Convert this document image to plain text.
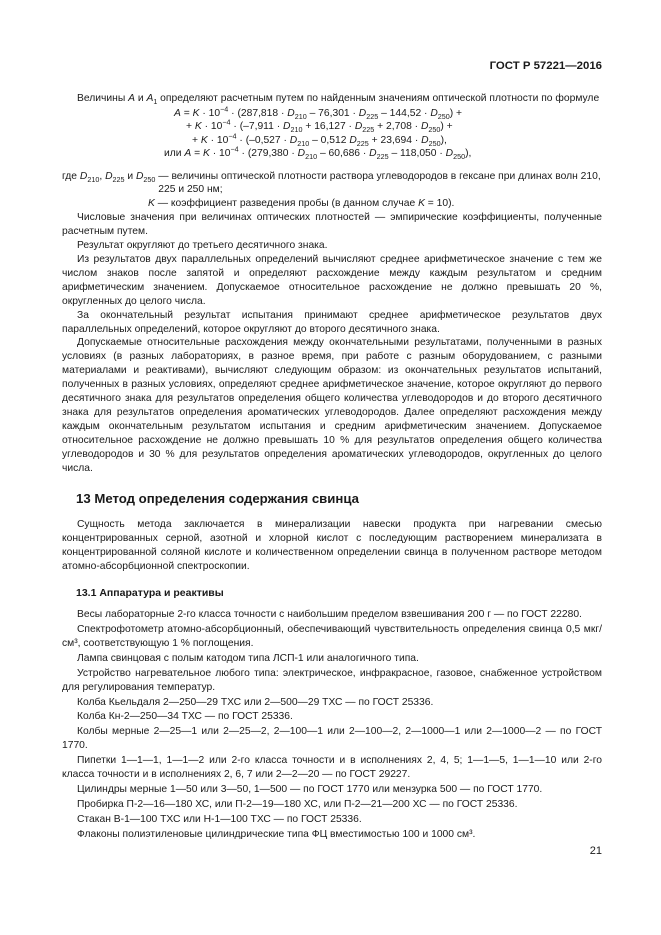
ГОСТ Р 57221—2016

Величины A и $A_1$ определяют расчетным путем по найденным значениям оптической плотности по формуле

$A = K \cdot 10^{-4} \cdot (287,818 \cdot D_{210} - 76,301 \cdot D_{225} - 144,52 \cdot D_{250})$ +
+ $K \cdot 10^{-4} \cdot (-7,911 \cdot D_{210} + 16,127 \cdot D_{225} + 2,708 \cdot D_{250})$ +
+ $K \cdot 10^{-4} \cdot (-0,527 \cdot D_{210} - 0,512$ $D_{225} + 23,694 \cdot D_{250}$),
или $A = K \cdot 10^{-4} \cdot (279,380 \cdot D_{210} - 60,686 \cdot D_{225} - 118,050 \cdot D_{250})$,
где $D_{210}$, $D_{225}$ и $D_{250}$
— величины оптической плотности раствора углеводородов в гексане при длинах волн 210, 225 и 250 нм;
K — коэффициент разведения пробы (в данном случае K = 10).

Числовые значения при величинах оптических плотностей — эмпирические коэффициенты, полученные расчетным путем.

Результат округляют до третьего десятичного знака.

Из результатов двух параллельных определений вычисляют среднее арифметическое значение с тем же числом знаков после запятой и определяют расхождение между каждым результатом и средним арифметическим значением. Допускаемое относительное расхождение не должно превышать 20 %, округленных до целого числа.

За окончательный результат испытания принимают среднее арифметическое результатов двух параллельных определений, которое округляют до второго десятичного знака.

Допускаемые относительные расхождения между окончательными результатами, полученными в разных условиях (в разных лабораториях, в разное время, при работе с разным оборудованием, с разными материалами и реактивами), вычисляют следующим образом: из окончательных результатов испытаний, полученных в разных условиях, определяют среднее арифметическое значение, которое округляют до первого десятичного знака для результатов определения общего количества углеводородов и до второго десятичного знака для результатов определения ароматических углеводородов. Далее определяют расхождения между каждым окончательным результатом испытания и средним арифметическим значением. Допускаемое относительное расхождение не должно превышать 10 % для результатов определения общего количества углеводородов и 30 % для результатов определения ароматических углеводородов, округленных до целого числа.

13 Метод определения содержания свинца

Сущность метода заключается в минерализации навески продукта при нагревании смесью концентрированных серной, азотной и хлорной кислот с последующим растворением минерализата в концентрированной соляной кислоте и количественном определении свинца в полученном растворе методом атомно-абсорбционной спектроскопии.

13.1 Аппаратура и реактивы

Весы лабораторные 2-го класса точности с наибольшим пределом взвешивания 200 г — по ГОСТ 22280.

Спектрофотометр атомно-абсорбционный, обеспечивающий чувствительность определения свинца 0,5 мкг/см³, соответствующую 1 % поглощения.

Лампа свинцовая с полым катодом типа ЛСП-1 или аналогичного типа.

Устройство нагревательное любого типа: электрическое, инфракрасное, газовое, снабженное устройством для регулирования температур.

Колба Кьельдаля 2—250—29 ТХС или 2—500—29 ТХС — по ГОСТ 25336.

Колба Кн-2—250—34 ТХС — по ГОСТ 25336.

Колбы мерные 2—25—1 или 2—25—2, 2—100—1 или 2—100—2, 2—1000—1 или 2—1000—2 — по ГОСТ 1770.

Пипетки 1—1—1, 1—1—2 или 2-го класса точности и в исполнениях 2, 4, 5; 1—1—5, 1—1—10 или 2-го класса точности и в исполнениях 2, 6, 7 или 2—2—20 — по ГОСТ 29227.

Цилиндры мерные 1—50 или 3—50, 1—500 — по ГОСТ 1770 или мензурка 500 — по ГОСТ 1770.

Пробирка П-2—16—180 ХС, или П-2—19—180 ХС, или П-2—21—200 ХС — по ГОСТ 25336.

Стакан В-1—100 ТХС или Н-1—100 ТХС — по ГОСТ 25336.

Флаконы полиэтиленовые цилиндрические типа ФЦ вместимостью 100 и 1000 см³.

21
